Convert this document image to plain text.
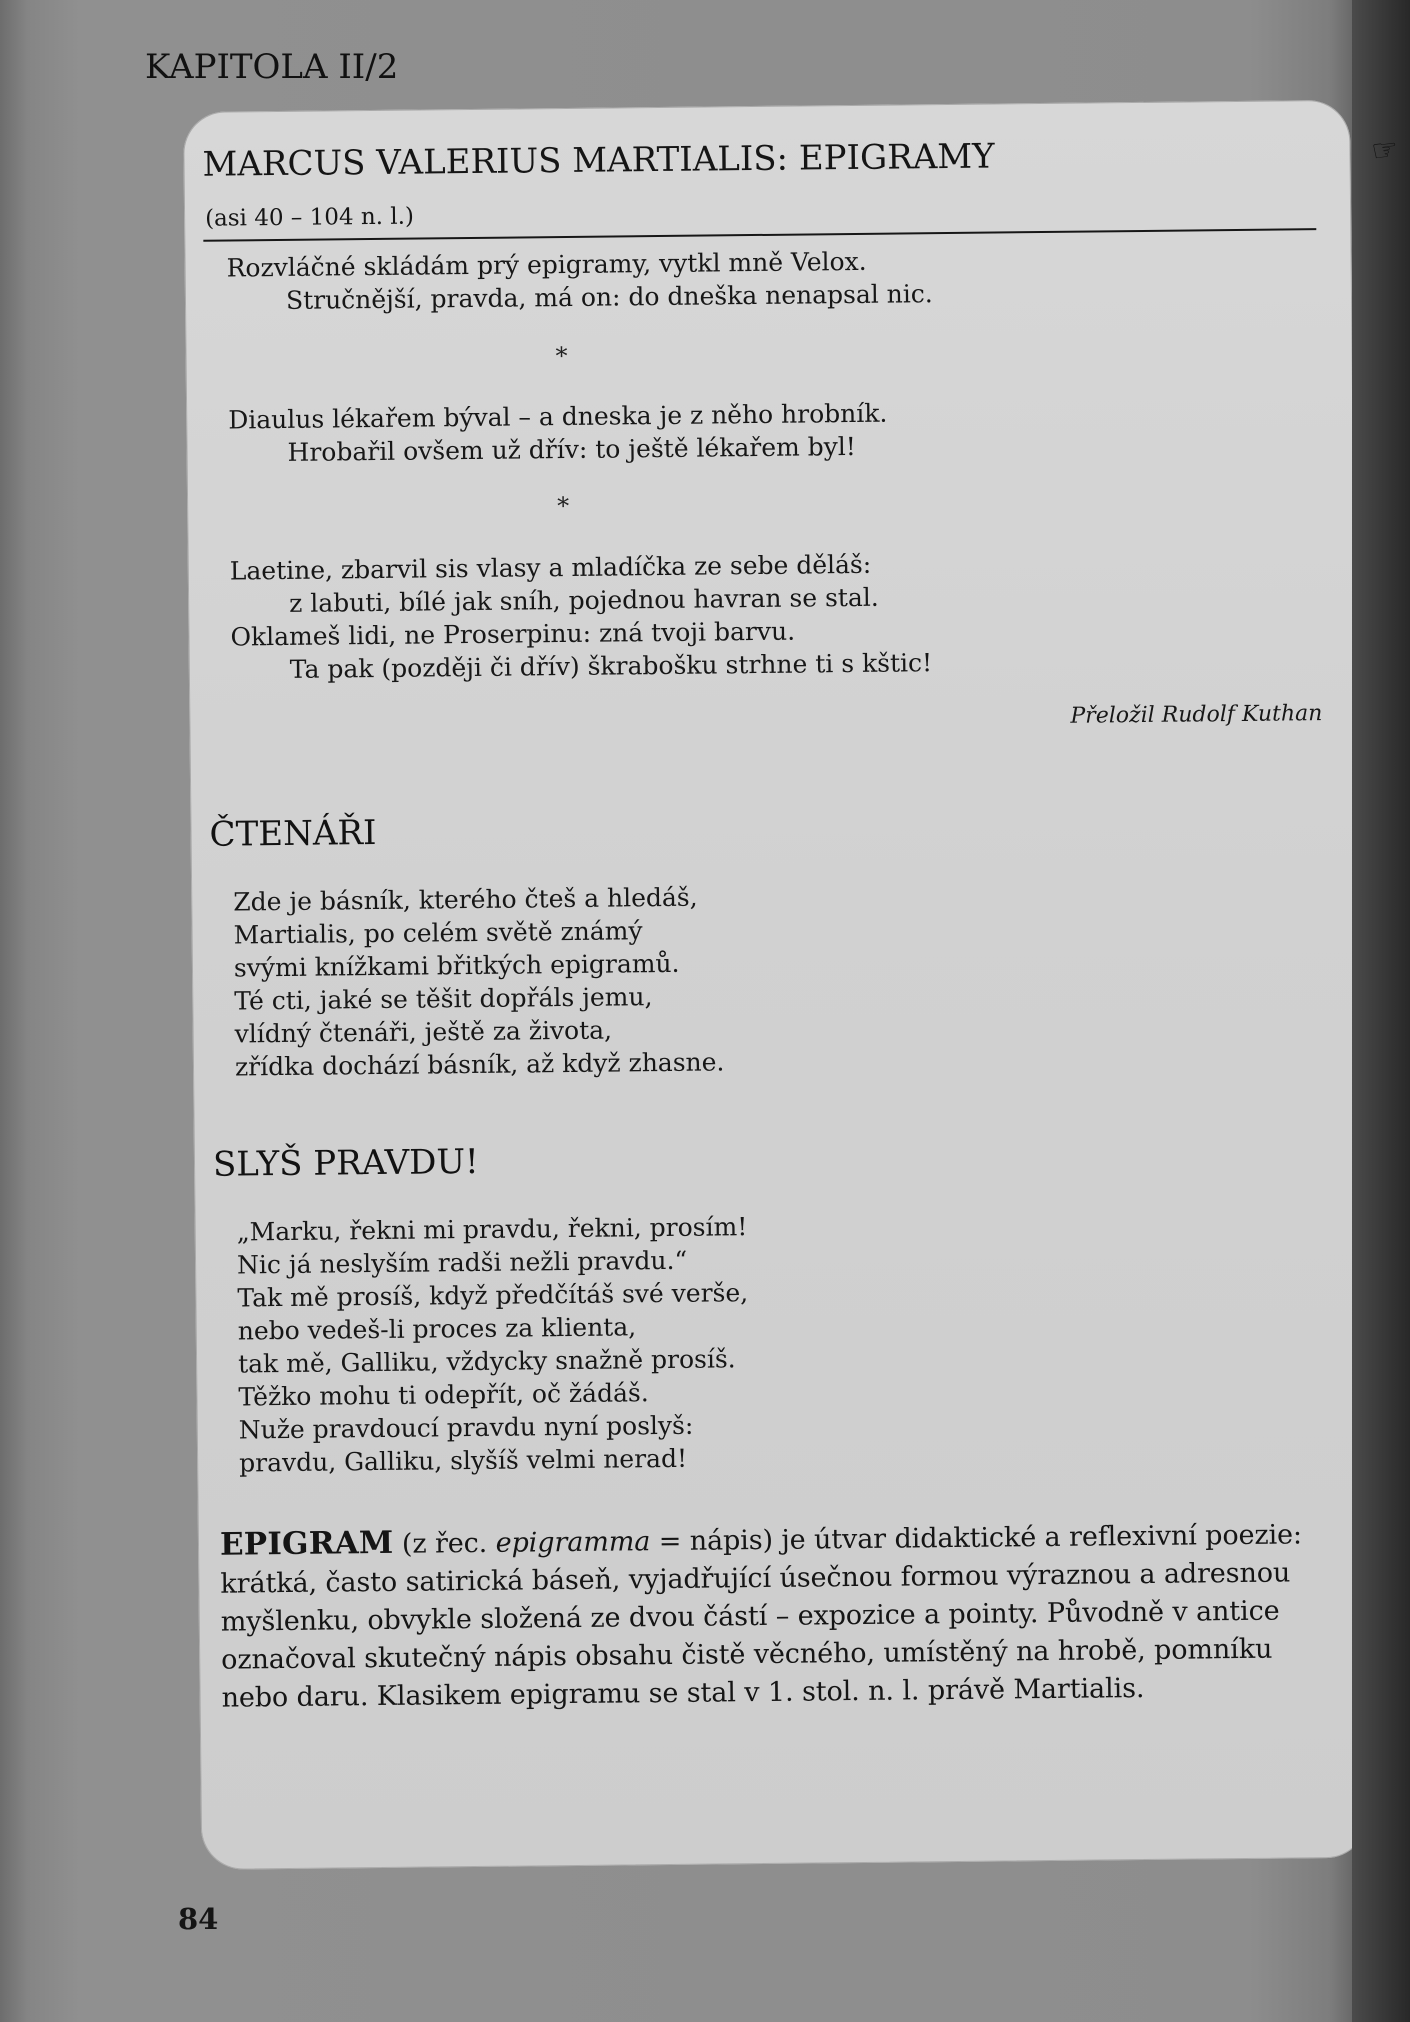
KAPITOLA II/2
MARCUS VALERIUS MARTIALIS: EPIGRAMY
(asi 40 – 104 n. l.)
Rozvláčné skládám prý epigramy, vytkl mně Velox.
Stručnější, pravda, má on: do dneška nenapsal nic.
*
Diaulus lékařem býval – a dneska je z něho hrobník.
Hrobařil ovšem už dřív: to ještě lékařem byl!
*
Laetine, zbarvil sis vlasy a mladíčka ze sebe děláš:
z labuti, bílé jak sníh, pojednou havran se stal.
Oklameš lidi, ne Proserpinu: zná tvoji barvu.
Ta pak (později či dřív) škrabošku strhne ti s kštic!
Přeložil Rudolf Kuthan
ČTENÁŘI
Zde je básník, kterého čteš a hledáš,
Martialis, po celém světě známý
svými knížkami břitkých epigramů.
Té cti, jaké se těšit dopřáls jemu,
vlídný čtenáři, ještě za života,
zřídka dochází básník, až když zhasne.
SLYŠ PRAVDU!
„Marku, řekni mi pravdu, řekni, prosím!
Nic já neslyším radši nežli pravdu.“
Tak mě prosíš, když předčítáš své verše,
nebo vedeš-li proces za klienta,
tak mě, Galliku, vždycky snažně prosíš.
Těžko mohu ti odepřít, oč žádáš.
Nuže pravdoucí pravdu nyní poslyš:
pravdu, Galliku, slyšíš velmi nerad!

EPIGRAM (z řec. epigramma = nápis) je útvar didaktické a reflexivní poezie: krátká, často satirická báseň, vyjadřující úsečnou formou výraznou a adresnou myšlenku, obvykle složená ze dvou částí – expozice a pointy. Původně v antice označoval skutečný nápis obsahu čistě věcného, umístěný na hrobě, pomníku nebo daru. Klasikem epigramu se stal v 1. stol. n. l. právě Martialis.

84
☞
